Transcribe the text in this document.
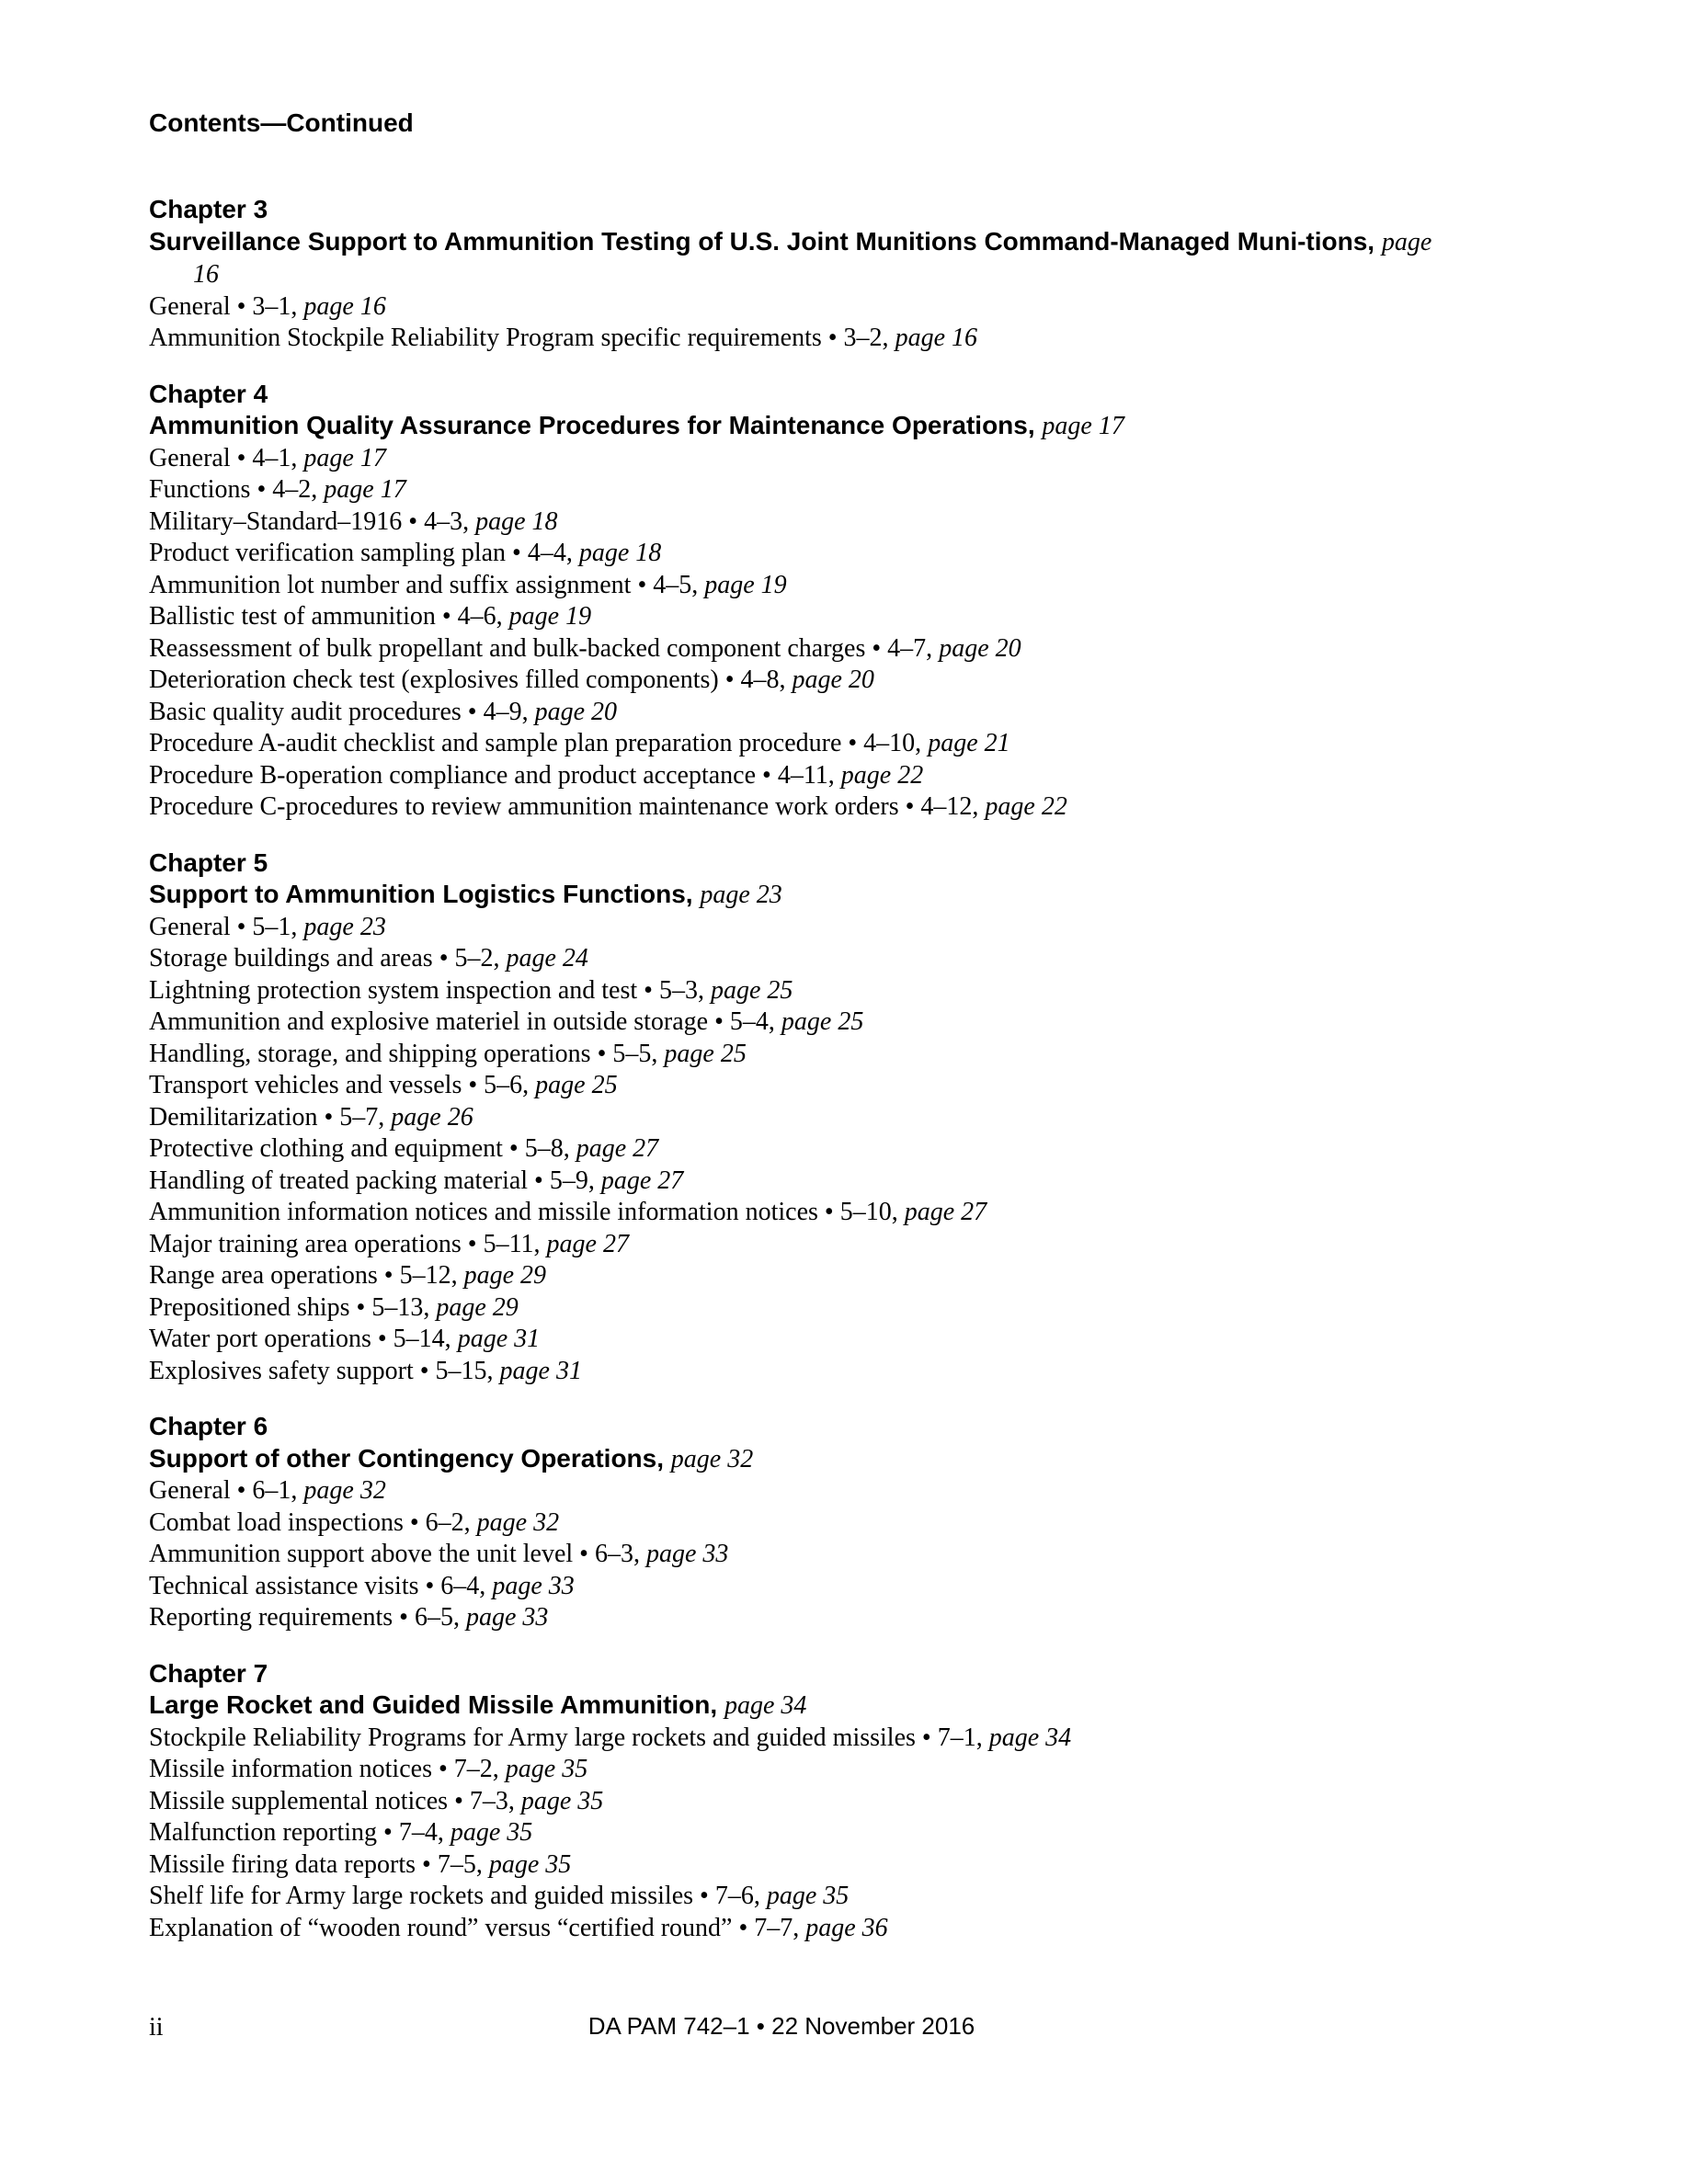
Contents—Continued
Chapter 3
Surveillance Support to Ammunition Testing of U.S. Joint Munitions Command-Managed Muni-tions, page 16
General • 3–1, page 16
Ammunition Stockpile Reliability Program specific requirements • 3–2, page 16
Chapter 4
Ammunition Quality Assurance Procedures for Maintenance Operations, page 17
General • 4–1, page 17
Functions • 4–2, page 17
Military–Standard–1916 • 4–3, page 18
Product verification sampling plan • 4–4, page 18
Ammunition lot number and suffix assignment • 4–5, page 19
Ballistic test of ammunition • 4–6, page 19
Reassessment of bulk propellant and bulk-backed component charges • 4–7, page 20
Deterioration check test (explosives filled components) • 4–8, page 20
Basic quality audit procedures • 4–9, page 20
Procedure A-audit checklist and sample plan preparation procedure • 4–10, page 21
Procedure B-operation compliance and product acceptance • 4–11, page 22
Procedure C-procedures to review ammunition maintenance work orders • 4–12, page 22
Chapter 5
Support to Ammunition Logistics Functions, page 23
General • 5–1, page 23
Storage buildings and areas • 5–2, page 24
Lightning protection system inspection and test • 5–3, page 25
Ammunition and explosive materiel in outside storage • 5–4, page 25
Handling, storage, and shipping operations • 5–5, page 25
Transport vehicles and vessels • 5–6, page 25
Demilitarization • 5–7, page 26
Protective clothing and equipment • 5–8, page 27
Handling of treated packing material • 5–9, page 27
Ammunition information notices and missile information notices • 5–10, page 27
Major training area operations • 5–11, page 27
Range area operations • 5–12, page 29
Prepositioned ships • 5–13, page 29
Water port operations • 5–14, page 31
Explosives safety support • 5–15, page 31
Chapter 6
Support of other Contingency Operations, page 32
General • 6–1, page 32
Combat load inspections • 6–2, page 32
Ammunition support above the unit level • 6–3, page 33
Technical assistance visits • 6–4, page 33
Reporting requirements • 6–5, page 33
Chapter 7
Large Rocket and Guided Missile Ammunition, page 34
Stockpile Reliability Programs for Army large rockets and guided missiles • 7–1, page 34
Missile information notices • 7–2, page 35
Missile supplemental notices • 7–3, page 35
Malfunction reporting • 7–4, page 35
Missile firing data reports • 7–5, page 35
Shelf life for Army large rockets and guided missiles • 7–6, page 35
Explanation of “wooden round” versus “certified round” • 7–7, page 36
ii	DA PAM 742–1 • 22 November 2016
